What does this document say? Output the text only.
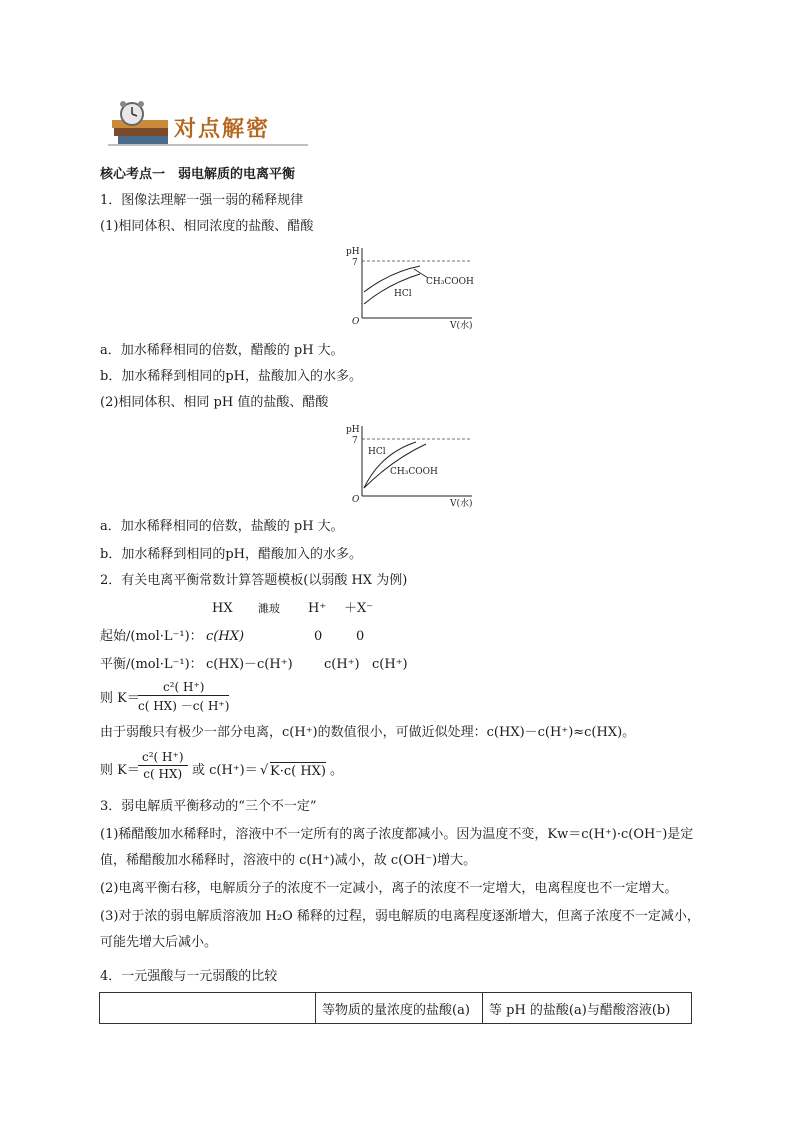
对点解密
核心考点一　弱电解质的电离平衡
1．图像法理解一强一弱的稀释规律
(1)相同体积、相同浓度的盐酸、醋酸
pH
7
O	V(水)
CH₃COOH
HCl
a．加水稀释相同的倍数，醋酸的 pH 大。
b．加水稀释到相同的pH，盐酸加入的水多。
(2)相同体积、相同 pH 值的盐酸、醋酸
pH
7
O	V(水)
HCl
CH₃COOH
a．加水稀释相同的倍数，盐酸的 pH 大。
b．加水稀释到相同的pH，醋酸加入的水多。
2．有关电离平衡常数计算答题模板(以弱酸 HX 为例)
HX 濉玻 H⁺ ＋X⁻
起始/(mol·L⁻¹)： c(HX)	0	0
平衡/(mol·L⁻¹)： c(HX)－c(H⁺) c(H⁺) c(H⁺)
则 K＝
$\frac{\text{c²( H⁺)}}{c( HX) -c( H^+)}$
由于弱酸只有极少一部分电离，c(H⁺)的数值很小，可做近似处理：c(HX)－c(H⁺)≈c(HX)。
则 K＝
$\frac{\text{c²( H⁺)}}{c( HX)}$ 或 c(H⁺)＝ √ K·c( HX) 。
3．弱电解质平衡移动的“三个不一定”
(1)稀醋酸加水稀释时，溶液中不一定所有的离子浓度都减小。因为温度不变，Kw＝c(H⁺)·c(OH⁻)是定
值，稀醋酸加水稀释时，溶液中的 c(H⁺)减小，故 c(OH⁻)增大。
(2)电离平衡右移，电解质分子的浓度不一定减小，离子的浓度不一定增大，电离程度也不一定增大。
(3)对于浓的弱电解质溶液加 H₂O 稀释的过程，弱电解质的电离程度逐渐增大，但离子浓度不一定减小，
可能先增大后减小。
4．一元强酸与一元弱酸的比较
	等物质的量浓度的盐酸(a)	等 pH 的盐酸(a)与醋酸溶液(b)
